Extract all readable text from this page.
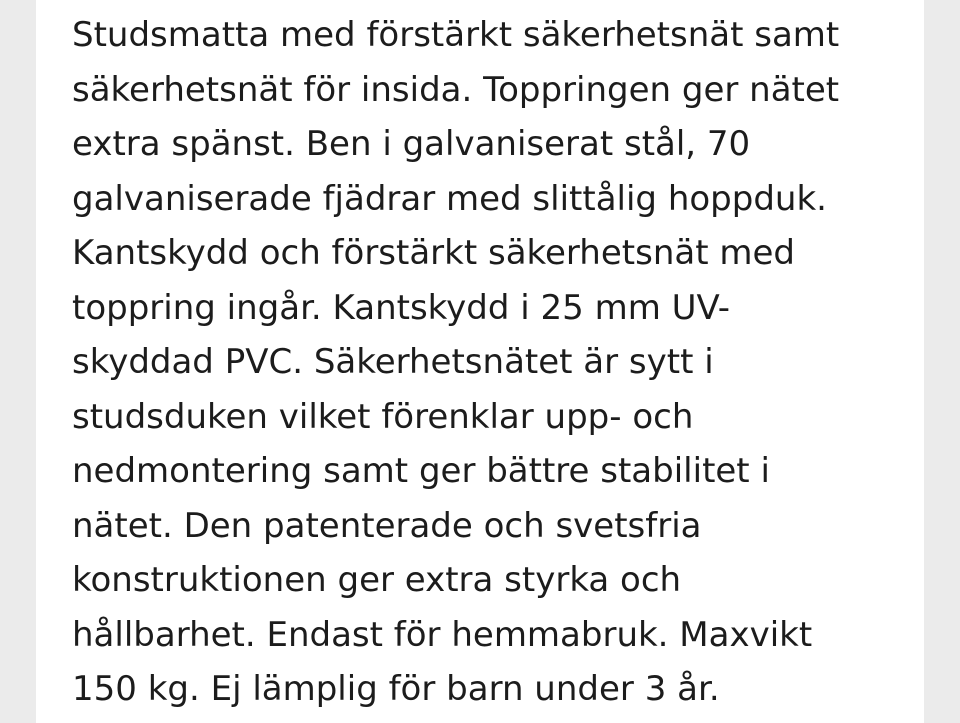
Studsmatta med förstärkt säkerhetsnät samt
säkerhetsnät för insida. Toppringen ger nätet
extra spänst. Ben i galvaniserat stål, 70
galvaniserade fjädrar med slittålig hoppduk.
Kantskydd och förstärkt säkerhetsnät med
toppring ingår. Kantskydd i 25 mm UV-
skyddad PVC. Säkerhetsnätet är sytt i
studsduken vilket förenklar upp- och
nedmontering samt ger bättre stabilitet i
nätet. Den patenterade och svetsfria
konstruktionen ger extra styrka och
hållbarhet. Endast för hemmabruk. Maxvikt
150 kg. Ej lämplig för barn under 3 år.
